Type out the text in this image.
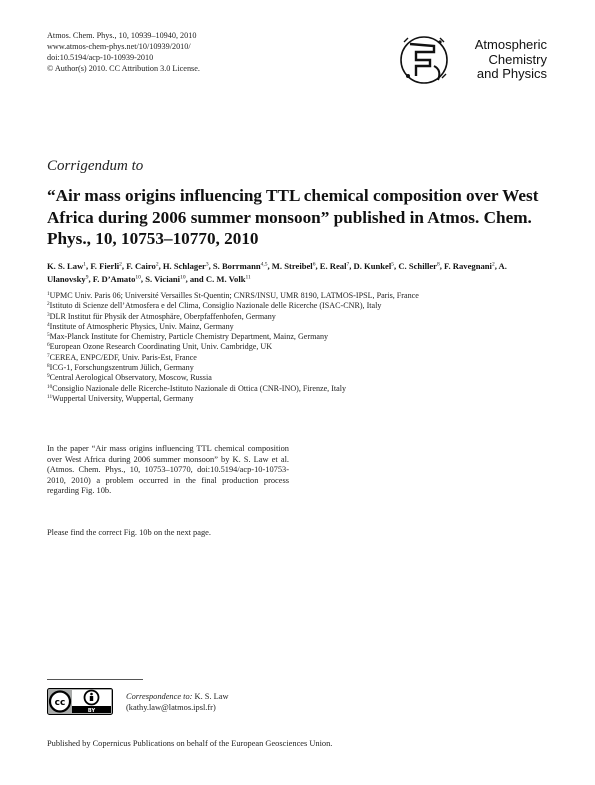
Atmos. Chem. Phys., 10, 10939–10940, 2010
www.atmos-chem-phys.net/10/10939/2010/
doi:10.5194/acp-10-10939-2010
© Author(s) 2010. CC Attribution 3.0 License.
Atmospheric
Chemistry
and Physics
Corrigendum to
“Air mass origins influencing TTL chemical composition over West Africa during 2006 summer monsoon” published in Atmos. Chem. Phys., 10, 10753–10770, 2010
K. S. Law$^1$, F. Fierli$^2$, F. Cairo$^2$, H. Schlager$^3$, S. Borrmann$^{4,5}$, M. Streibel$^6$, E. Real$^7$, D. Kunkel$^5$, C. Schiller$^8$, F. Ravegnani$^2$, A. Ulanovsky$^9$, F. D’Amato$^{10}$, S. Viciani$^{10}$, and C. M. Volk$^{11}$
$^1$UPMC Univ. Paris 06; Université Versailles St-Quentin; CNRS/INSU, UMR 8190, LATMOS-IPSL, Paris, France
$^2$Istituto di Scienze dell’Atmosfera e del Clima, Consiglio Nazionale delle Ricerche (ISAC-CNR), Italy
$^3$DLR Institut für Physik der Atmosphäre, Oberpfaffenhofen, Germany
$^4$Institute of Atmospheric Physics, Univ. Mainz, Germany
$^5$Max-Planck Institute for Chemistry, Particle Chemistry Department, Mainz, Germany
$^6$European Ozone Research Coordinating Unit, Univ. Cambridge, UK
$^7$CEREA, ENPC/EDF, Univ. Paris-Est, France
$^8$ICG-1, Forschungszentrum Jülich, Germany
$^9$Central Aerological Observatory, Moscow, Russia
$^{10}$Consiglio Nazionale delle Ricerche-Istituto Nazionale di Ottica (CNR-INO), Firenze, Italy
$^{11}$Wuppertal University, Wuppertal, Germany
In the paper “Air mass origins influencing TTL chemical composition over West Africa during 2006 summer monsoon” by K. S. Law et al. (Atmos. Chem. Phys., 10, 10753–10770, doi:10.5194/acp-10-10753-2010, 2010) a problem occurred in the final production process regarding Fig. 10b.
Please find the correct Fig. 10b on the next page.
cc
BY
Correspondence to: K. S. Law
(kathy.law@latmos.ipsl.fr)
Published by Copernicus Publications on behalf of the European Geosciences Union.
